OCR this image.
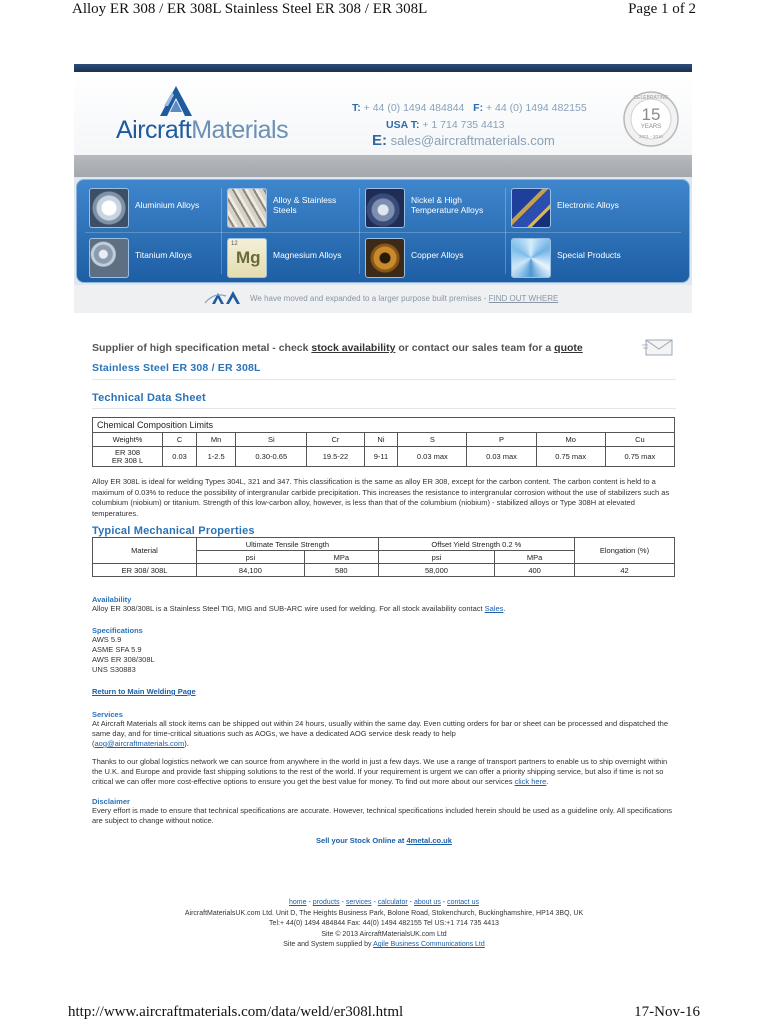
Alloy ER 308 / ER 308L Stainless Steel ER 308 / ER 308L	Page 1 of 2
AircraftMaterials
T: + 44 (0) 1494 484844 F: + 44 (0) 1494 482155
USA T: + 1 714 735 4413
E: sales@aircraftmaterials.com
CELEBRATING
15
YEARS
2001 - 2016
Aluminium Alloys	Alloy & Stainless Steels
Nickel & High Temperature Alloys	Electronic Alloys
Titanium Alloys
12
Mg Magnesium Alloys	Copper Alloys	Special Products
We have moved and expanded to a larger purpose built premises - FIND OUT WHERE
Supplier of high specification metal - check stock availability or contact our sales team for a quote
Stainless Steel ER 308 / ER 308L
Technical Data Sheet
Chemical Composition Limits									
Weight%	C	Mn	Si	Cr	Ni	S	P	Mo	Cu
ER 308
ER 308 L	0.03	1-2.5	0.30-0.65	19.5-22	9-11	0.03 max	0.03 max	0.75 max	0.75 max
Alloy ER 308L is ideal for welding Types 304L, 321 and 347. This classification is the same as alloy ER 308, except for the carbon content. The carbon content is held to a maximum of 0.03% to reduce the possibility of intergranular carbide precipitation. This increases the resistance to intergranular corrosion without the use of stabilizers such as columbium (niobium) or titanium. Strength of this low-carbon alloy, however, is less than that of the columbium (niobium) - stabilized alloys or Type 308H at elevated temperatures.
Typical Mechanical Properties
Material	Ultimate Tensile Strength		Offset Yield Strength 0.2 %		Elongation (%)
	psi	MPa	psi	MPa	
ER 308/ 308L	84,100	580	58,000	400	42
Availability
Alloy ER 308/308L is a Stainless Steel TIG, MIG and SUB-ARC wire used for welding. For all stock availability contact Sales.
Specifications
AWS 5.9
ASME SFA 5.9
AWS ER 308/308L
UNS S30883
Return to Main Welding Page
Services
At Aircraft Materials all stock items can be shipped out within 24 hours, usually within the same day. Even cutting orders for bar or sheet can be processed and dispatched the same day, and for time-critical situations such as AOGs, we have a dedicated AOG service desk ready to help
(aog@aircraftmaterials.com).
Thanks to our global logistics network we can source from anywhere in the world in just a few days. We use a range of transport partners to enable us to ship overnight within the U.K. and Europe and provide fast shipping solutions to the rest of the world. If your requirement is urgent we can offer a priority shipping service, but also if time is not so critical we can offer more cost-effective options to ensure you get the best value for money. To find out more about our services click here.
Disclaimer
Every effort is made to ensure that technical specifications are accurate. However, technical specifications included herein should be used as a guideline only. All specifications are subject to change without notice.
Sell your Stock Online at 4metal.co.uk
home - products - services - calculator - about us - contact us
AircraftMaterialsUK.com Ltd. Unit D, The Heights Business Park, Bolone Road, Stokenchurch, Buckinghamshire, HP14 3BQ, UK
Tel:+ 44(0) 1494 484844 Fax: 44(0) 1494 482155 Tel US:+1 714 735 4413
Site © 2013 AircraftMaterialsUK.com Ltd
Site and System supplied by Agile Business Communications Ltd
http://www.aircraftmaterials.com/data/weld/er308l.html	17-Nov-16
